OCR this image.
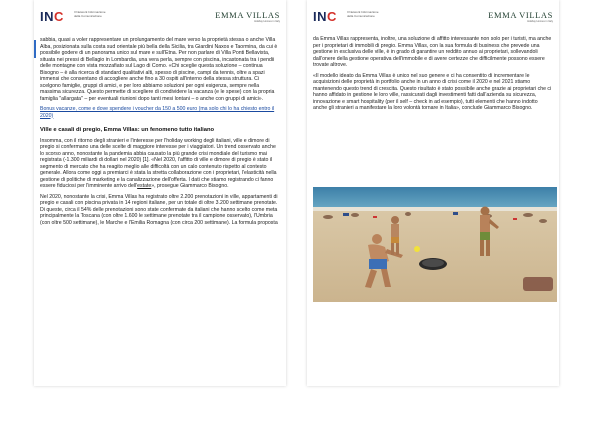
INC	Il Network Informazione della Comunicazione	EMMA VILLAS
Holiday Homes in Italy

sabbia, quasi a voler rappresentare un prolungamento del mare verso la proprietà stessa o anche Villa Alba, posizionata sulla costa sud orientale più bella della Sicilia, tra Giardini Naxos e Taormina, da cui è possibile godere di un panorama unico sul mare e sull'Etna. Per non parlare di Villa Ponti Bellavista, situata nei pressi di Bellagio in Lombardia, una vera perla, sempre con piscina, incastonata tra i pendii delle montagne con vista mozzafiato sul Lago di Como. «Chi sceglie questa soluzione – continua Bisogno – è alla ricerca di standard qualitativi alti, spesso di piscine, campi da tennis, oltre a spazi immensi che consentano di accogliere anche fino a 30 ospiti all'interno della stessa struttura. Ci scelgono famiglie, gruppi di amici, e per loro abbiamo soluzioni per ogni esigenza, sempre nella massima sicurezza. Questo permette di scegliere di condividere la vacanza (e le spese) con la propria famiglia "allargata" – per eventuali riunioni dopo tanti mesi lontani – o anche con gruppi di amici».

Bonus vacanze, come e dove spendere i voucher da 150 a 500 euro (ma solo chi lo ha chiesto entro il 2020)

Ville e casali di pregio, Emma Villas: un fenomeno tutto italiano

Insomma, con il ritorno degli stranieri e l'interesse per l'holiday working degli italiani, ville e dimore di pregio si confermano una delle scelte di maggiore interesse per i viaggiatori. Un trend osservato anche lo scorso anno, nonostante la pandemia abbia causato la più grande crisi mondiale del turismo mai registrata (-1.300 miliardi di dollari nel 2020) [1]. «Nel 2020, l'affitto di ville e dimore di pregio è stato il segmento di mercato che ha reagito meglio alle difficoltà con un calo contenuto rispetto al contesto generale. Allora come oggi a premiarci è stata la stretta collaborazione con i proprietari, l'elasticità nella gestione di politiche di marketing e la canalizzazione dell'offerta. I dati che stiamo registrando ci fanno essere fiduciosi per l'imminente arrivo dell'estate», prosegue Giammarco Bisogno.

Nel 2020, nonostante la crisi, Emma Villas ha registrato oltre 2.200 prenotazioni in ville, appartamenti di pregio e casali con piscina privata in 14 regioni italiane, per un totale di oltre 3.200 settimane prenotate. Di queste, circa il 54% delle prenotazioni sono state confermate da italiani che hanno scelto come meta principalmente la Toscana (con oltre 1.600 le settimane prenotate tra il campione osservato), l'Umbria (con oltre 500 settimane), le Marche e l'Emilia Romagna (con circa 200 settimane). La formula proposta

INC	Il Network Informazione della Comunicazione	EMMA VILLAS
Holiday Homes in Italy

da Emma Villas rappresenta, inoltre, una soluzione di affitto interessante non solo per i turisti, ma anche per i proprietari di immobili di pregio. Emma Villas, con la sua formula di business che prevede una gestione in esclusiva delle ville, è in grado di garantire un reddito annuo ai proprietari, sollevandoli dall'onere della gestione operativa dell'immobile e di avere certezze che difficilmente possono essere trovate altrove.

«Il modello ideato da Emma Villas è unico nel suo genere e ci ha consentito di incrementare le acquisizioni delle proprietà in portfolio anche in un anno di crisi come il 2020 e nel 2021 stiamo mantenendo questo trend di crescita. Questo risultato è stato possibile anche grazie ai proprietari che ci hanno affidato in gestione le loro ville, rassicurati dagli investimenti fatti dall'azienda su sicurezza, innovazione e smart hospitality (per il self – check in ad esempio), tutti elementi che hanno indotto anche gli stranieri a manifestare la loro volontà tornare in Italia», conclude Giammarco Bisogno.
